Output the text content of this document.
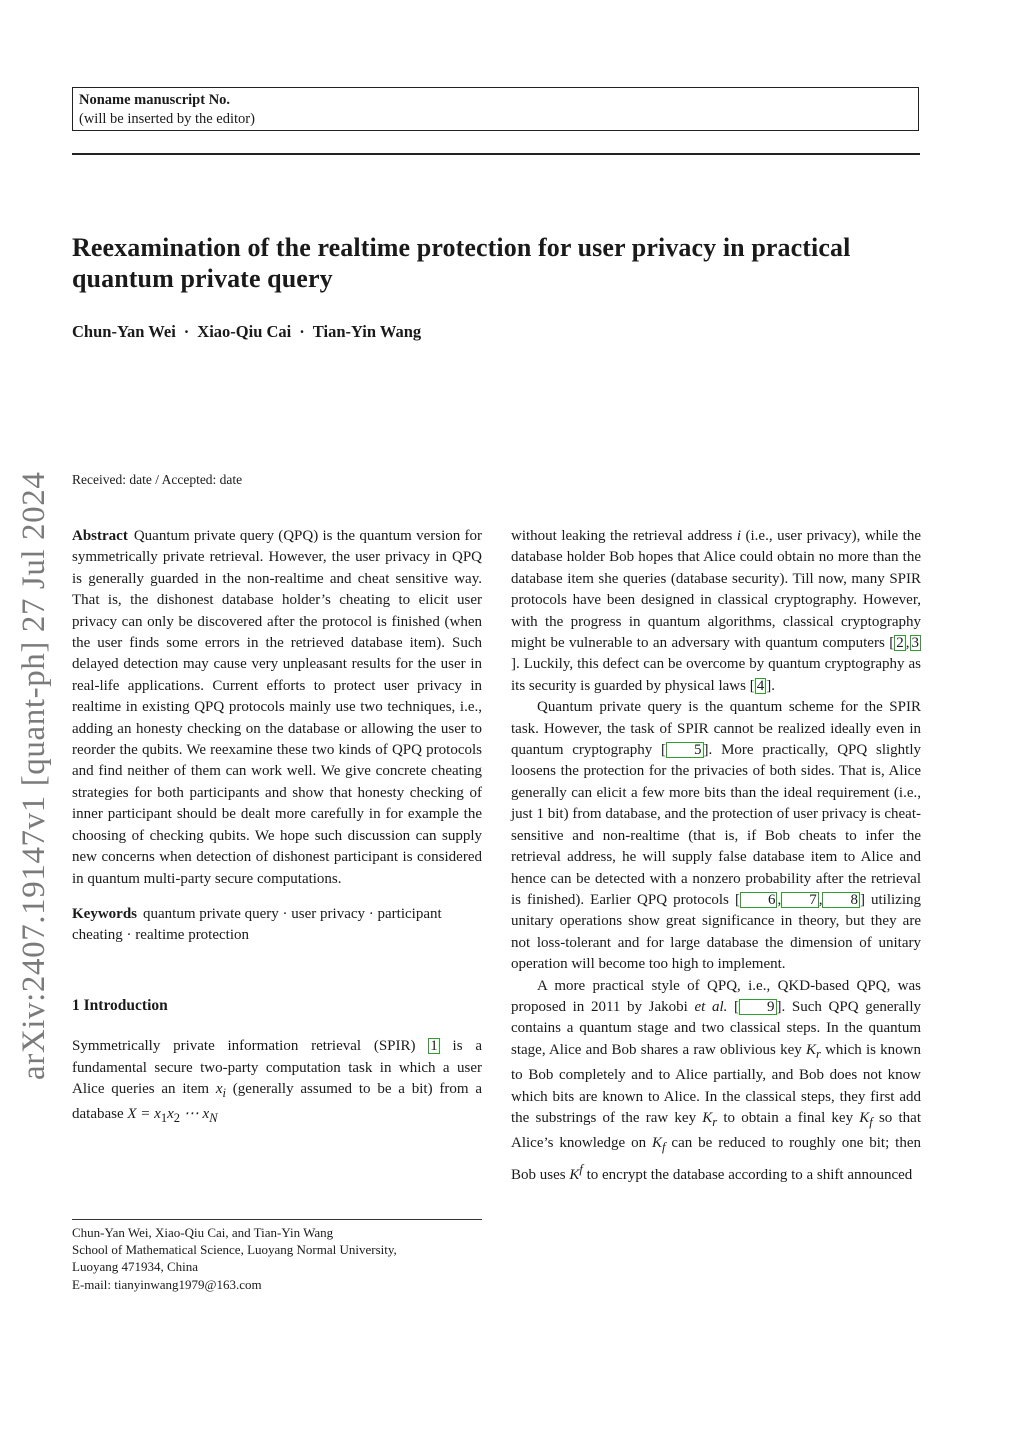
Noname manuscript No.
(will be inserted by the editor)
Reexamination of the realtime protection for user privacy in practical quantum private query
Chun-Yan Wei · Xiao-Qiu Cai · Tian-Yin Wang
arXiv:2407.19147v1 [quant-ph] 27 Jul 2024 Received: date / Accepted: date

Abstract Quantum private query (QPQ) is the quantum version for symmetrically private retrieval. However, the user privacy in QPQ is generally guarded in the non-realtime and cheat sensitive way. That is, the dishonest database holder’s cheating to elicit user privacy can only be discovered after the protocol is finished (when the user finds some errors in the retrieved database item). Such delayed detection may cause very unpleasant results for the user in real-life applications. Current efforts to protect user privacy in realtime in existing QPQ protocols mainly use two techniques, i.e., adding an honesty checking on the database or allowing the user to reorder the qubits. We reexamine these two kinds of QPQ protocols and find neither of them can work well. We give concrete cheating strategies for both participants and show that honesty checking of inner participant should be dealt more carefully in for example the choosing of checking qubits. We hope such discussion can supply new concerns when detection of dishonest participant is considered in quantum multi-party secure computations.

Keywords quantum private query · user privacy · participant cheating · realtime protection

1 Introduction

Symmetrically private information retrieval (SPIR) 1 is a fundamental secure two-party computation task in which a user Alice queries an item $x_i$ (generally assumed to be a bit) from a database $X = x_1x_2$ ⋯ $x_N$

Chun-Yan Wei, Xiao-Qiu Cai, and Tian-Yin Wang
School of Mathematical Science, Luoyang Normal University,
Luoyang 471934, China
E-mail: tianyinwang1979@163.com

without leaking the retrieval address i (i.e., user privacy), while the database holder Bob hopes that Alice could obtain no more than the database item she queries (database security). Till now, many SPIR protocols have been designed in classical cryptography. However, with the progress in quantum algorithms, classical cryptography might be vulnerable to an adversary with quantum computers [ 2 , 3]. Luckily, this defect can be overcome by quantum cryptography as its security is guarded by physical laws [ 4 ].

Quantum private query is the quantum scheme for the SPIR task. However, the task of SPIR cannot be realized ideally even in quantum cryptography [ 5 ]. More practically, QPQ slightly loosens the protection for the privacies of both sides. That is, Alice generally can elicit a few more bits than the ideal requirement (i.e., just 1 bit) from database, and the protection of user privacy is cheat-sensitive and non-realtime (that is, if Bob cheats to infer the retrieval address, he will supply false database item to Alice and hence can be detected with a nonzero probability after the retrieval is finished). Earlier QPQ protocols [ 6 , 7 , 8 ] utilizing unitary operations show great significance in theory, but they are not loss-tolerant and for large database the dimension of unitary operation will become too high to implement.

A more practical style of QPQ, i.e., QKD-based QPQ, was proposed in 2011 by Jakobi et al. [ 9 ]. Such QPQ generally contains a quantum stage and two classical steps. In the quantum stage, Alice and Bob shares a raw oblivious key $K_r$ which is known to Bob completely and to Alice partially, and Bob does not know which bits are known to Alice. In the classical steps, they first add the substrings of the raw key $K_r$ to obtain a final key $K_f$ so that Alice’s knowledge on $K_f$ can be reduced to roughly one bit; then Bob uses $K^f$ to encrypt the database according to a shift announced
